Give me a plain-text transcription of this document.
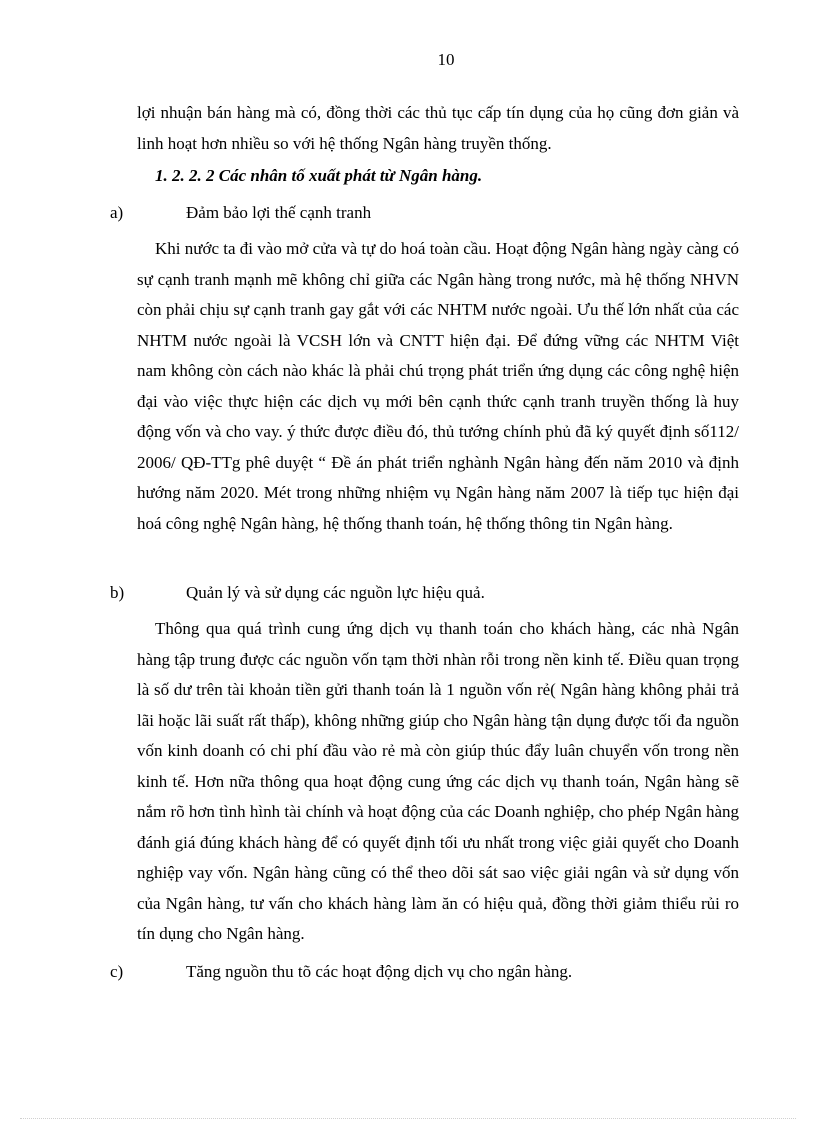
10

lợi nhuận bán hàng mà có, đồng thời các thủ tục cấp tín dụng của họ cũng đơn giản và linh hoạt hơn nhiều so với hệ thống Ngân hàng truyền thống.

1. 2. 2. 2 Các nhân tố xuất phát từ Ngân hàng.
a)	Đảm bảo lợi thế cạnh tranh

Khi nước ta đi vào mở cửa và tự do hoá toàn cầu. Hoạt động Ngân hàng ngày càng có sự cạnh tranh mạnh mẽ không chỉ giữa các Ngân hàng trong nước, mà hệ thống NHVN còn phải chịu sự cạnh tranh gay gắt với các NHTM nước ngoài. Ưu thế lớn nhất của các NHTM nước ngoài là VCSH lớn và CNTT hiện đại. Để đứng vững các NHTM Việt nam không còn cách nào khác là phải chú trọng phát triển ứng dụng các công nghệ hiện đại vào việc thực hiện các dịch vụ mới bên cạnh thức cạnh tranh truyền thống là huy động vốn và cho vay. ý thức được điều đó, thủ tướng chính phủ đã ký quyết định số112/ 2006/ QĐ-TTg phê duyệt “ Đề án phát triển nghành Ngân hàng đến năm 2010 và định hướng năm 2020. Mét trong những nhiệm vụ Ngân hàng năm 2007 là tiếp tục hiện đại hoá công nghệ Ngân hàng, hệ thống thanh toán, hệ thống thông tin Ngân hàng.

b)	Quản lý và sử dụng các nguồn lực hiệu quả.

Thông qua quá trình cung ứng dịch vụ thanh toán cho khách hàng, các nhà Ngân hàng tập trung được các nguồn vốn tạm thời nhàn rỗi trong nền kinh tế. Điều quan trọng là số dư trên tài khoản tiền gửi thanh toán là 1 nguồn vốn rẻ( Ngân hàng không phải trả lãi hoặc lãi suất rất thấp), không những giúp cho Ngân hàng tận dụng được tối đa nguồn vốn kinh doanh có chi phí đầu vào rẻ mà còn giúp thúc đẩy luân chuyển vốn trong nền kinh tế. Hơn nữa thông qua hoạt động cung ứng các dịch vụ thanh toán, Ngân hàng sẽ nắm rõ hơn tình hình tài chính và hoạt động của các Doanh nghiệp, cho phép Ngân hàng đánh giá đúng khách hàng để có quyết định tối ưu nhất trong việc giải quyết cho Doanh nghiệp vay vốn. Ngân hàng cũng có thể theo dõi sát sao việc giải ngân và sử dụng vốn của Ngân hàng, tư vấn cho khách hàng làm ăn có hiệu quả, đồng thời giảm thiểu rủi ro tín dụng cho Ngân hàng.

c)	Tăng nguồn thu tõ các hoạt động dịch vụ cho ngân hàng.
